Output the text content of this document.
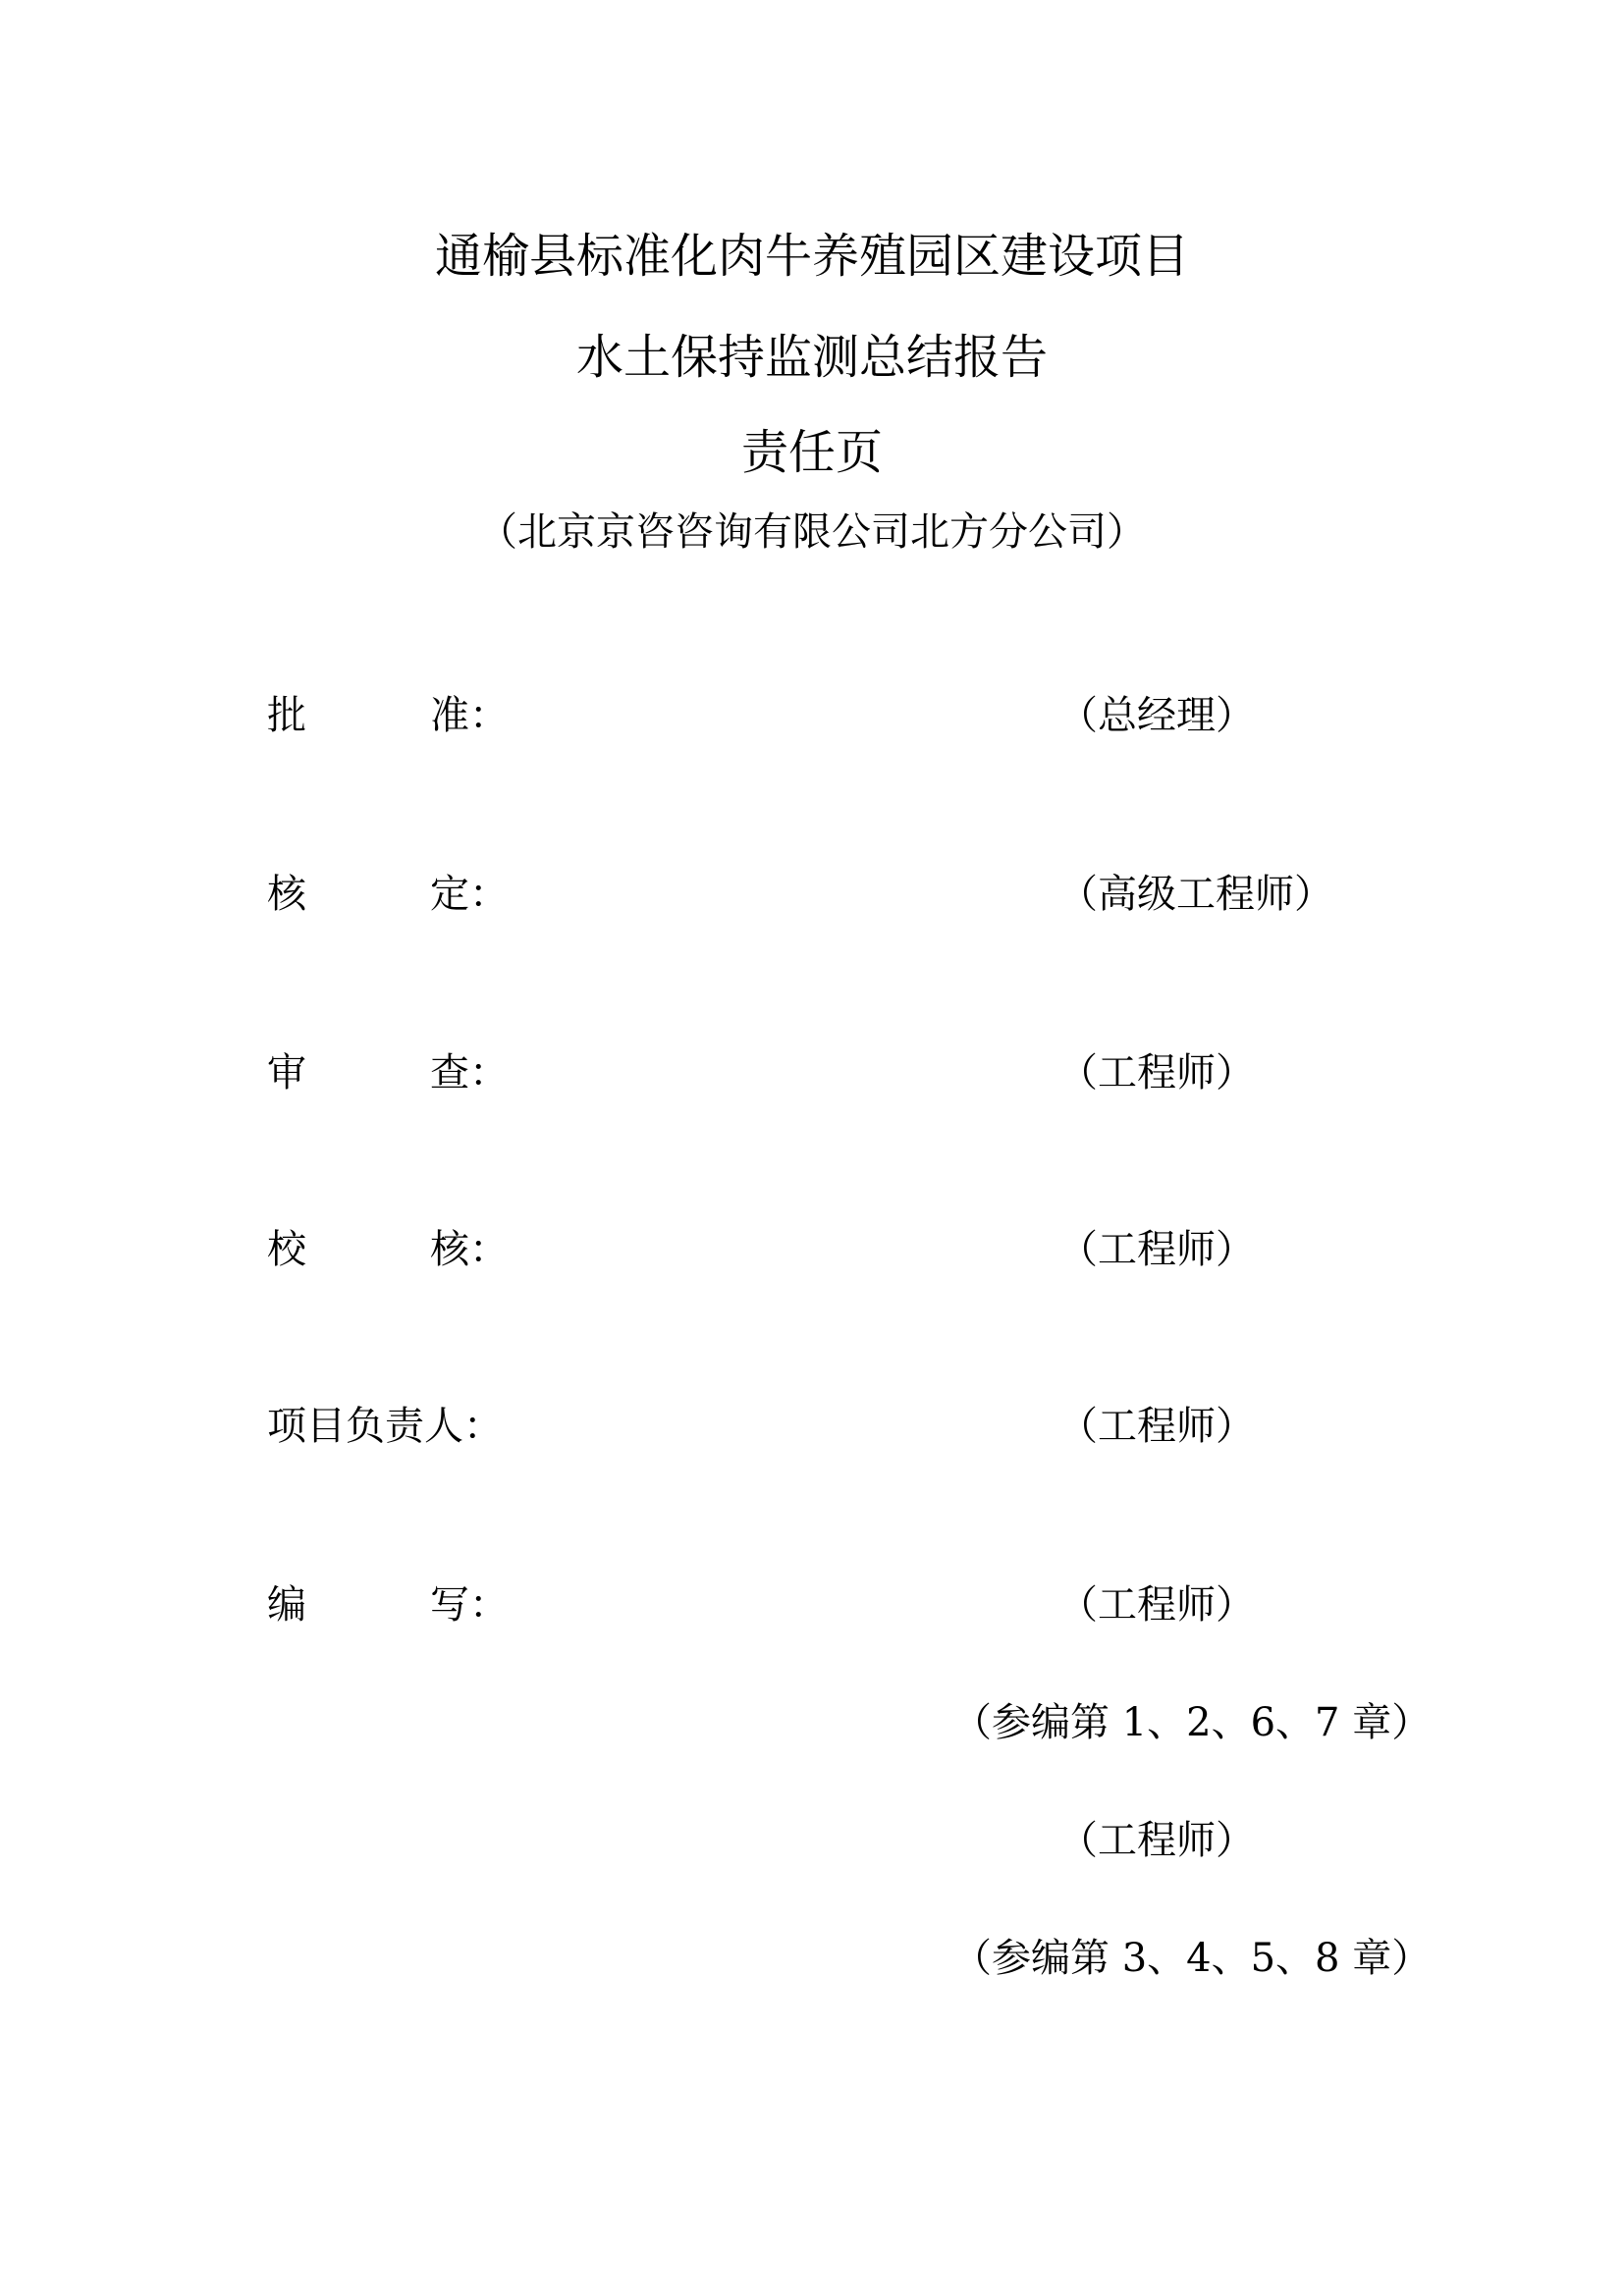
通榆县标准化肉牛养殖园区建设项目
水土保持监测总结报告
责任页
（北京京咨咨询有限公司北方分公司）
批	准：	（总经理）
核	定：	（高级工程师）
审	查：	（工程师）
校	核：	（工程师）
项目负责人：	（工程师）
编	写：	（工程师）
（参编第 1、2、6、7 章）
（工程师）
（参编第 3、4、5、8 章）
